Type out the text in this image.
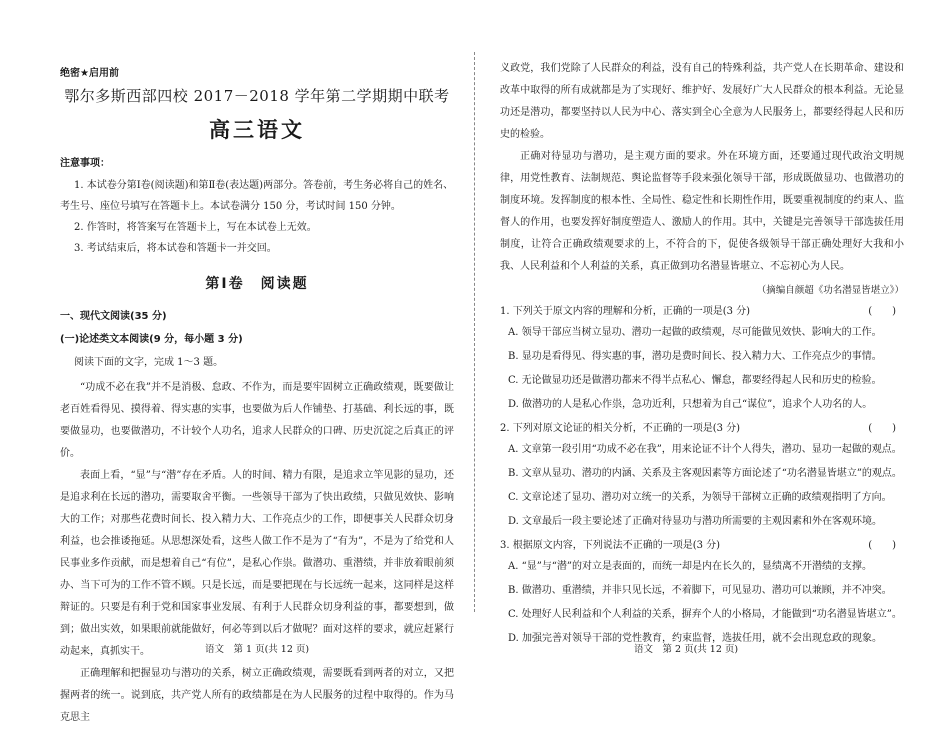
绝密★启用前

鄂尔多斯西部四校 2017－2018 学年第二学期期中联考

高三语文

注意事项：

1. 本试卷分第Ⅰ卷(阅读题)和第Ⅱ卷(表达题)两部分。答卷前，考生务必将自己的姓名、

考生号、座位号填写在答题卡上。本试卷满分 150 分，考试时间 150 分钟。

2. 作答时，将答案写在答题卡上，写在本试卷上无效。

3. 考试结束后，将本试卷和答题卡一并交回。

第Ⅰ卷　阅读题

一、现代文阅读(35 分)

(一)论述类文本阅读(9 分，每小题 3 分)

阅读下面的文字，完成 1～3 题。

“功成不必在我”并不是消极、怠政、不作为，而是要牢固树立正确政绩观，既要做让老百姓看得见、摸得着、得实惠的实事，也要做为后人作铺垫、打基础、利长远的事，既要做显功，也要做潜功，不计较个人功名，追求人民群众的口碑、历史沉淀之后真正的评价。

表面上看，“显”与“潜”存在矛盾。人的时间、精力有限，是追求立竿见影的显功，还是追求利在长远的潜功，需要取舍平衡。一些领导干部为了快出政绩，只做见效快、影响大的工作；对那些花费时间长、投入精力大、工作亮点少的工作，即便事关人民群众切身利益，也会推诿拖延。从思想深处看，这些人做工作不是为了“有为”，不是为了给党和人民事业多作贡献，而是想着自己“有位”，是私心作祟。做潜功、重潜绩，并非放着眼前须办、当下可为的工作不管不顾。只是长远，而是要把现在与长远统一起来，这同样是这样辩证的。只要是有利于党和国家事业发展、有利于人民群众切身利益的事，都要想到，做到；做出实效，如果眼前就能做好，何必等到以后才做呢？面对这样的要求，就应赶紧行动起来，真抓实干。

正确理解和把握显功与潜功的关系，树立正确政绩观，需要既看到两者的对立，又把握两者的统一。说到底，共产党人所有的政绩都是在为人民服务的过程中取得的。作为马克思主

语文　第 1 页(共 12 页)

义政党，我们党除了人民群众的利益，没有自己的特殊利益，共产党人在长期革命、建设和改革中取得的所有成就都是为了实现好、维护好、发展好广大人民群众的根本利益。无论显功还是潜功，都要坚持以人民为中心、落实到全心全意为人民服务上，都要经得起人民和历史的检验。

正确对待显功与潜功，是主观方面的要求。外在环境方面，还要通过现代政治文明规律，用党性教育、法制规范、舆论监督等手段来强化领导干部，形成既做显功、也做潜功的制度环境。发挥制度的根本性、全局性、稳定性和长期性作用，既要重视制度的约束人、监督人的作用，也要发挥好制度塑造人、激励人的作用。其中，关键是完善领导干部选拔任用制度，让符合正确政绩观要求的上，不符合的下，促使各级领导干部正确处理好大我和小我、人民利益和个人利益的关系，真正做到功名潜显皆堪立、不忘初心为人民。

（摘编自颜超《功名潜显皆堪立》）

1. 下列关于原文内容的理解和分析，正确的一项是(3 分)	(　　)

A. 领导干部应当树立显功、潜功一起做的政绩观，尽可能做见效快、影响大的工作。

B. 显功是看得见、得实惠的事，潜功是费时间长、投入精力大、工作亮点少的事情。

C. 无论做显功还是做潜功都来不得半点私心、懈怠，都要经得起人民和历史的检验。

D. 做潜功的人是私心作祟，急功近利，只想着为自己“谋位”，追求个人功名的人。

2. 下列对原文论证的相关分析，不正确的一项是(3 分)	(　　)

A. 文章第一段引用“功成不必在我”，用来论证不计个人得失，潜功、显功一起做的观点。

B. 文章从显功、潜功的内涵、关系及主客观因素等方面论述了“功名潜显皆堪立”的观点。

C. 文章论述了显功、潜功对立统一的关系，为领导干部树立正确的政绩观指明了方向。

D. 文章最后一段主要论述了正确对待显功与潜功所需要的主观因素和外在客观环境。

3. 根据原文内容，下列说法不正确的一项是(3 分)	(　　)

A. “显”与“潜”的对立是表面的，而统一却是内在长久的，显绩离不开潜绩的支撑。

B. 做潜功、重潜绩，并非只见长远，不着脚下，可见显功、潜功可以兼顾，并不冲突。

C. 处理好人民利益和个人利益的关系，摒弃个人的小格局，才能做到“功名潜显皆堪立”。

D. 加强完善对领导干部的党性教育，约束监督，选拔任用，就不会出现怠政的现象。

语文　第 2 页(共 12 页)
